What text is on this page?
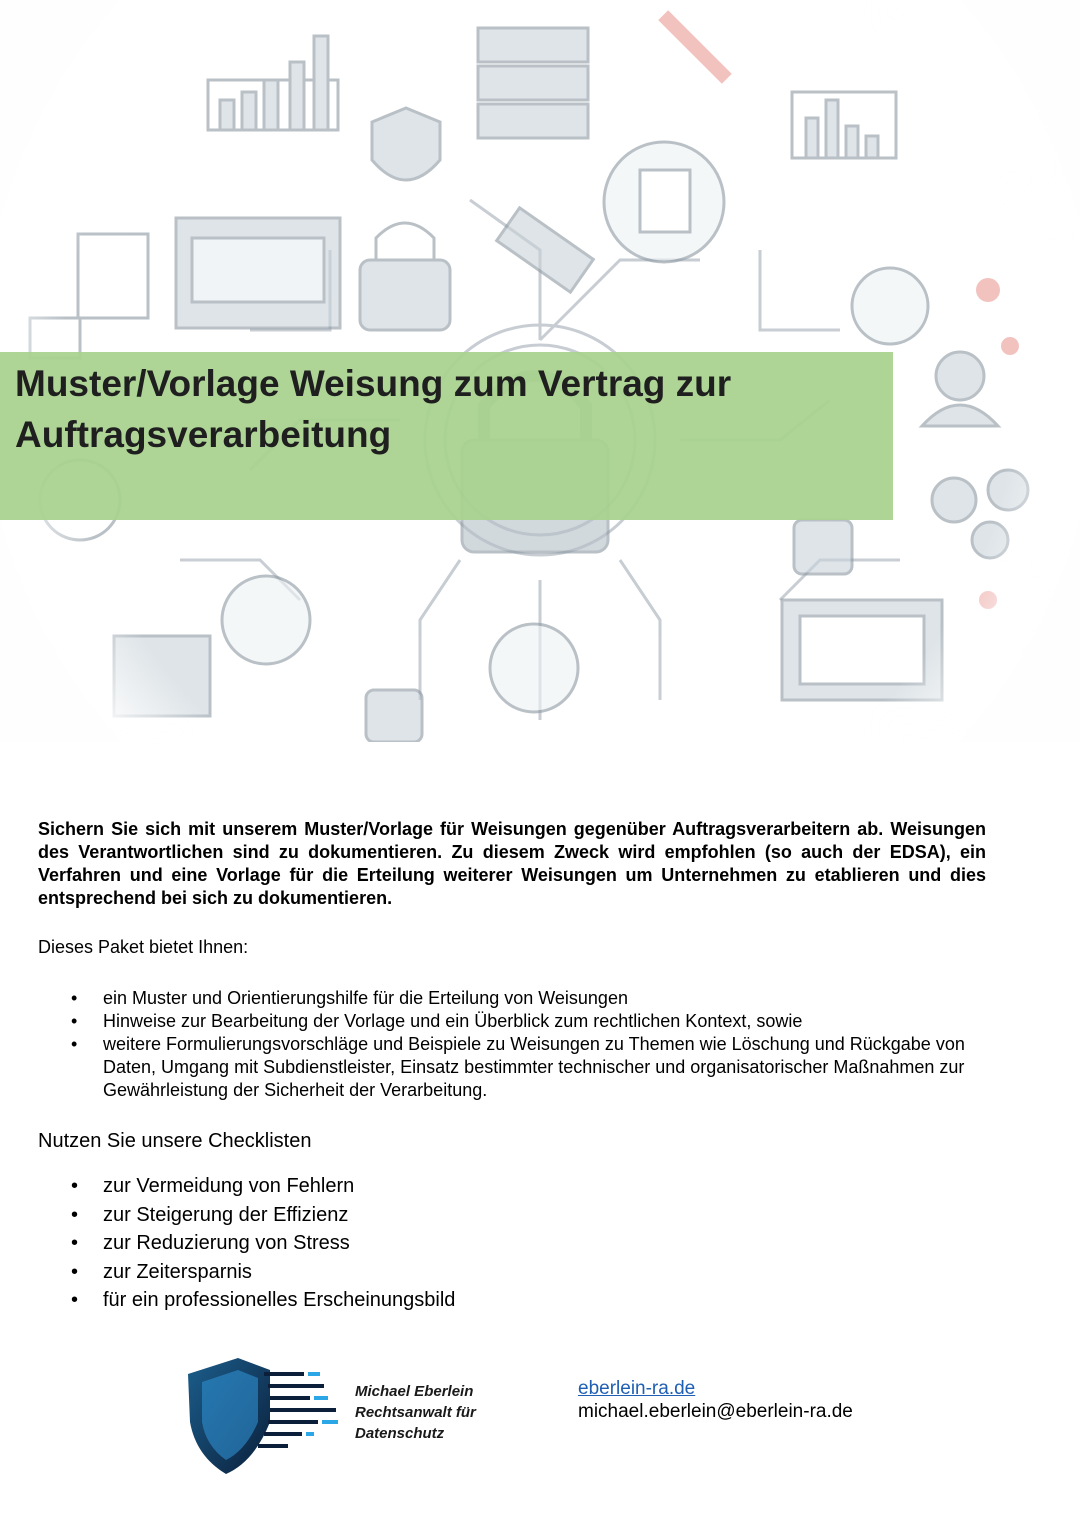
Muster/Vorlage Weisung zum Vertrag zur
Auftragsverarbeitung

Sichern Sie sich mit unserem Muster/Vorlage für Weisungen gegenüber Auftragsverarbeitern ab. Weisungen des Verantwortlichen sind zu dokumentieren. Zu diesem Zweck wird empfohlen (so auch der EDSA), ein Verfahren und eine Vorlage für die Erteilung weiterer Weisungen um Unternehmen zu etablieren und dies entsprechend bei sich zu dokumentieren.

Dieses Paket bietet Ihnen:

• ein Muster und Orientierungshilfe für die Erteilung von Weisungen
• Hinweise zur Bearbeitung der Vorlage und ein Überblick zum rechtlichen Kontext, sowie
• weitere Formulierungsvorschläge und Beispiele zu Weisungen zu Themen wie Löschung und Rückgabe von Daten, Umgang mit Subdienstleister, Einsatz bestimmter technischer und organisatorischer Maßnahmen zur Gewährleistung der Sicherheit der Verarbeitung.

Nutzen Sie unsere Checklisten

• zur Vermeidung von Fehlern
• zur Steigerung der Effizienz
• zur Reduzierung von Stress
• zur Zeitersparnis
• für ein professionelles Erscheinungsbild
Michael Eberlein
Rechtsanwalt für
Datenschutz
eberlein-ra.de
michael.eberlein@eberlein-ra.de
